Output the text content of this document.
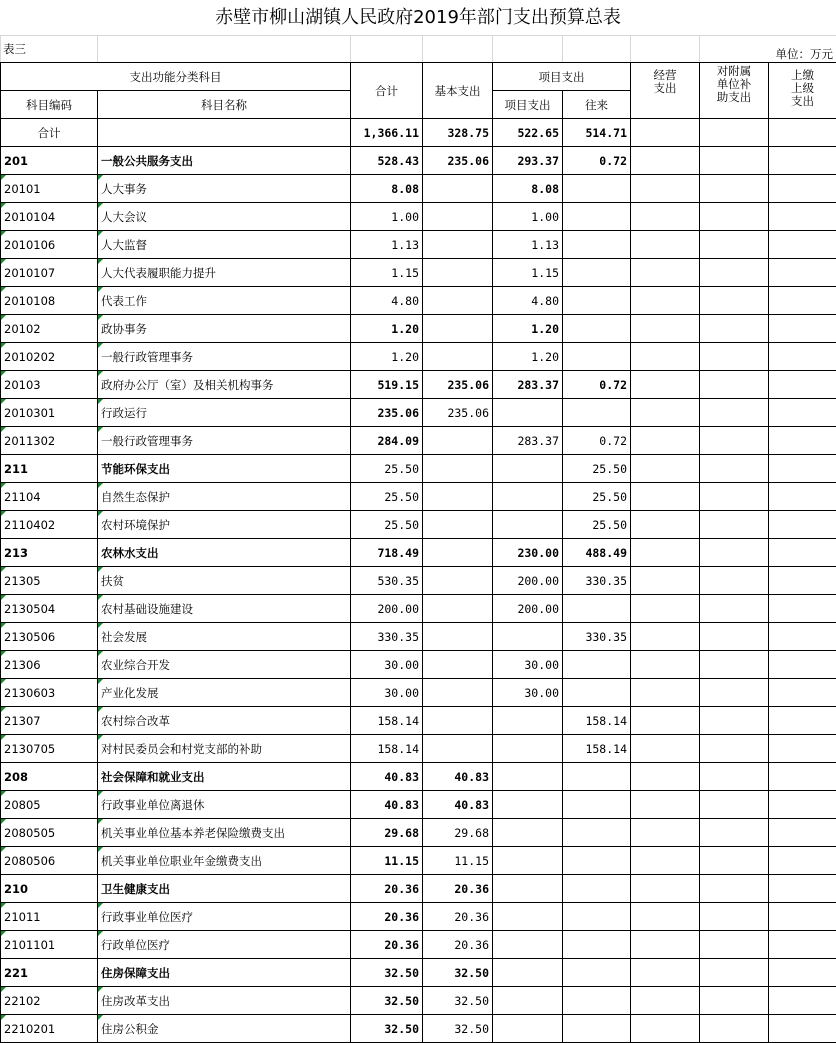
赤壁市柳山湖镇人民政府2019年部门支出预算总表
表三							单位：万元	
支出功能分类科目		合计	基本支出	项目支出		经营支出	对附属单位补助支出	上缴上级支出

科目编码	科目名称			项目支出	往来			
合计		1,366.11	328.75	522.65	514.71			
201	一般公共服务支出	528.43	235.06	293.37	0.72			
20101	人大事务	8.08		8.08				
2010104	人大会议	1.00		1.00				
2010106	人大监督	1.13		1.13				
2010107	人大代表履职能力提升	1.15		1.15				
2010108	代表工作	4.80		4.80				
20102	政协事务	1.20		1.20				
2010202	一般行政管理事务	1.20		1.20				
20103	政府办公厅（室）及相关机构事务	519.15	235.06	283.37	0.72			
2010301	行政运行	235.06	235.06					
2011302	一般行政管理事务	284.09		283.37	0.72			
211	节能环保支出	25.50			25.50			
21104	自然生态保护	25.50			25.50			
2110402	农村环境保护	25.50			25.50			
213	农林水支出	718.49		230.00	488.49			
21305	扶贫	530.35		200.00	330.35			
2130504	农村基础设施建设	200.00		200.00				
2130506	社会发展	330.35			330.35			
21306	农业综合开发	30.00		30.00				
2130603	产业化发展	30.00		30.00				
21307	农村综合改革	158.14			158.14			
2130705	对村民委员会和村党支部的补助	158.14			158.14			
208	社会保障和就业支出	40.83	40.83					
20805	行政事业单位离退休	40.83	40.83					
2080505	机关事业单位基本养老保险缴费支出	29.68	29.68					
2080506	机关事业单位职业年金缴费支出	11.15	11.15					
210	卫生健康支出	20.36	20.36					
21011	行政事业单位医疗	20.36	20.36					
2101101	行政单位医疗	20.36	20.36					
221	住房保障支出	32.50	32.50					
22102	住房改革支出	32.50	32.50					
2210201	住房公积金	32.50	32.50					
